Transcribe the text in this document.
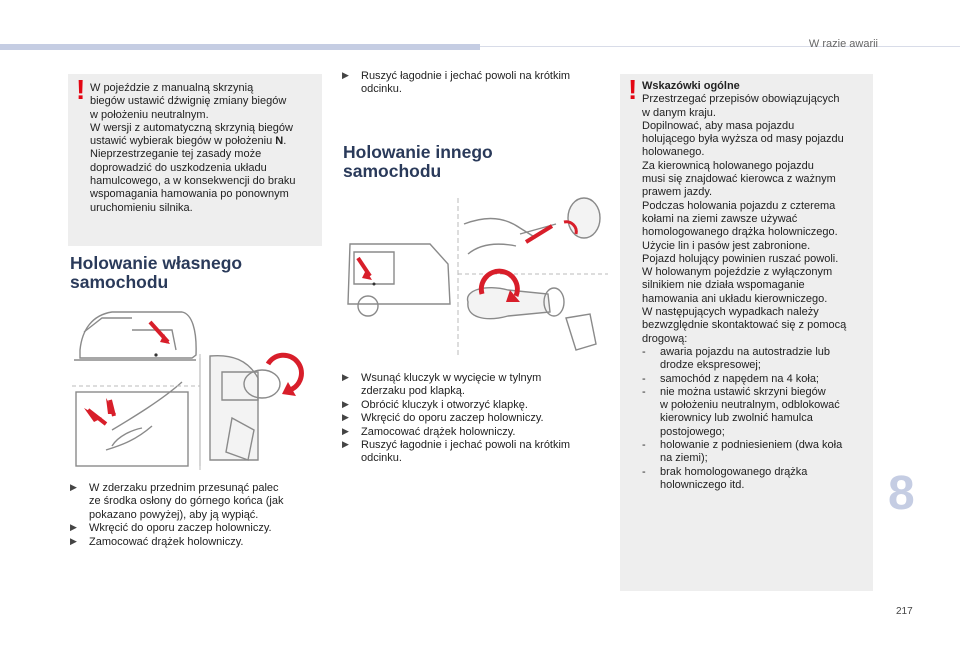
W razie awarii
! W pojeździe z manualną skrzynią

biegów ustawić dźwignię zmiany biegów

w położeniu neutralnym.

W wersji z automatyczną skrzynią biegów

ustawić wybierak biegów w położeniu N.

Nieprzestrzeganie tej zasady może

doprowadzić do uszkodzenia układu

hamulcowego, a w konsekwencji do braku

wspomagania hamowania po ponownym

uruchomieniu silnika.

Holowanie własnego
samochodu
▶ W zderzaku przednim przesunąć palec
ze środka osłony do górnego końca (jak
pokazano powyżej), aby ją wypiąć.
▶ Wkręcić do oporu zaczep holowniczy.
▶ Zamocować drążek holowniczy.
▶ Ruszyć łagodnie i jechać powoli na krótkim
odcinku.
Holowanie innego
samochodu
▶ Wsunąć kluczyk w wycięcie w tylnym
zderzaku pod klapką.
▶ Obrócić kluczyk i otworzyć klapkę.
▶ Wkręcić do oporu zaczep holowniczy.
▶ Zamocować drążek holowniczy.
▶ Ruszyć łagodnie i jechać powoli na krótkim
odcinku.
! Wskazówki ogólne

Przestrzegać przepisów obowiązujących

w danym kraju.

Dopilnować, aby masa pojazdu

holującego była wyższa od masy pojazdu

holowanego.

Za kierownicą holowanego pojazdu

musi się znajdować kierowca z ważnym

prawem jazdy.

Podczas holowania pojazdu z czterema

kołami na ziemi zawsze używać

homologowanego drążka holowniczego.

Użycie lin i pasów jest zabronione.

Pojazd holujący powinien ruszać powoli.

W holowanym pojeździe z wyłączonym

silnikiem nie działa wspomaganie

hamowania ani układu kierowniczego.

W następujących wypadkach należy

bezwzględnie skontaktować się z pomocą

drogową:

- awaria pojazdu na autostradzie lub
drodze ekspresowej;
- samochód z napędem na 4 koła;
- nie można ustawić skrzyni biegów
w położeniu neutralnym, odblokować
kierownicy lub zwolnić hamulca
postojowego;
- holowanie z podniesieniem (dwa koła
na ziemi);
- brak homologowanego drążka
holowniczego itd.	8
217
